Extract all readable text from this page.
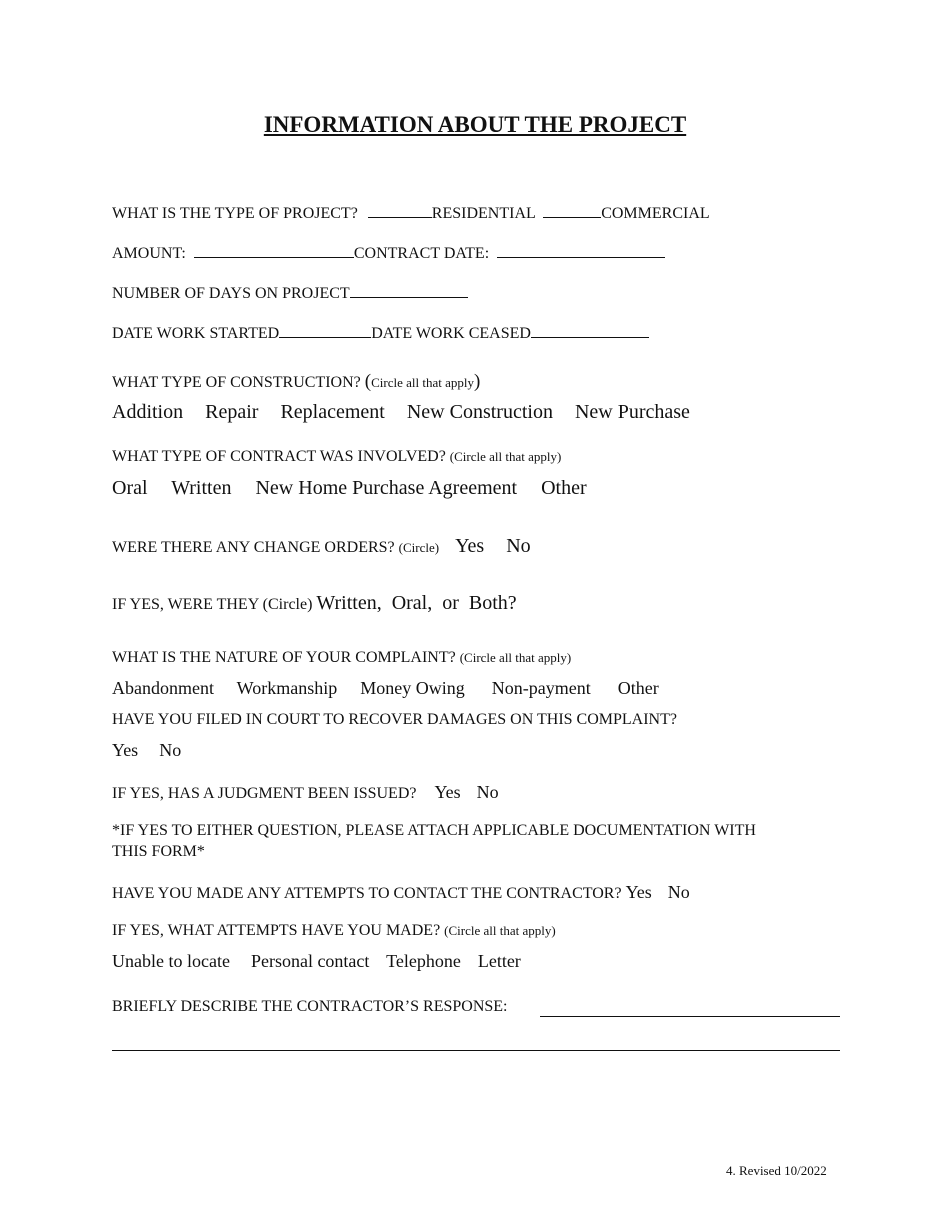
INFORMATION ABOUT THE PROJECT
WHAT IS THE TYPE OF PROJECT?	RESIDENTIAL	COMMERCIAL
AMOUNT:	CONTRACT DATE:
NUMBER OF DAYS ON PROJECT
DATE WORK STARTED	DATE WORK CEASED
WHAT TYPE OF CONSTRUCTION? (Circle all that apply)
Addition Repair Replacement New Construction New Purchase
WHAT TYPE OF CONTRACT WAS INVOLVED? (Circle all that apply)
Oral Written New Home Purchase Agreement Other
WERE THERE ANY CHANGE ORDERS? (Circle) Yes No
IF YES, WERE THEY (Circle) Written,  Oral,  or  Both?
WHAT IS THE NATURE OF YOUR COMPLAINT? (Circle all that apply)
Abandonment Workmanship Money Owing Non-payment Other
HAVE YOU FILED IN COURT TO RECOVER DAMAGES ON THIS COMPLAINT?
Yes No
IF YES, HAS A JUDGMENT BEEN ISSUED? Yes No
*IF YES TO EITHER QUESTION, PLEASE ATTACH APPLICABLE DOCUMENTATION WITH
THIS FORM*
HAVE YOU MADE ANY ATTEMPTS TO CONTACT THE CONTRACTOR? Yes No
IF YES, WHAT ATTEMPTS HAVE YOU MADE? (Circle all that apply)
Unable to locate Personal contact Telephone Letter
BRIEFLY DESCRIBE THE CONTRACTOR’S RESPONSE:
4. Revised 10/2022
